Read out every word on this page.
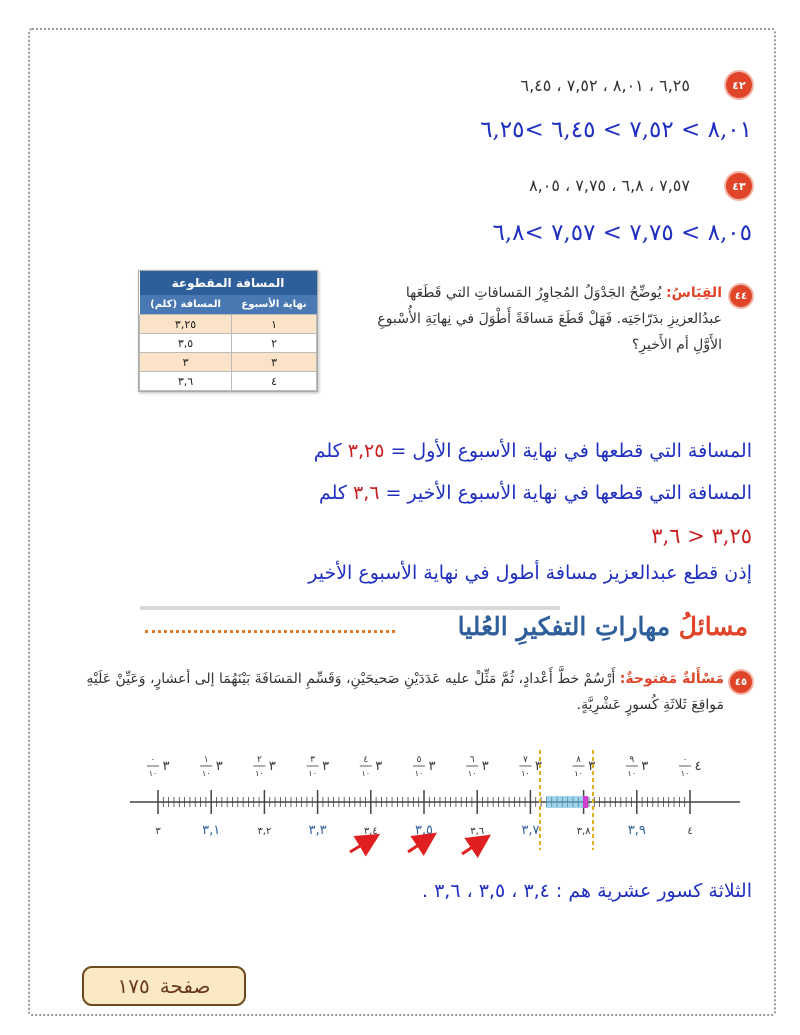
٤٢
٦,٢٥ ، ٨,٠١ ، ٧,٥٢ ، ٦,٤٥
٨,٠١ > ٧,٥٢ > ٦,٤٥ >٦,٢٥
٤٣
٧,٥٧ ، ٦,٨ ، ٧,٧٥ ، ٨,٠٥
٨,٠٥ > ٧,٧٥ > ٧,٥٧ >٦,٨
٤٤
القِيَاسُ: يُوضِّحُ الجَدْوَلُ المُجاوِرُ المَسافاتِ التي قَطَعَها عبدُالعزيزِ بدَرّاجَتِه. فَهَلْ قَطَعَ مَسافَةً أَطْوَلَ في نِهايَةِ الأُسْبوعِ الأَوَّلِ أم الأَخيرِ؟
المسافة المقطوعة	
نهاية الأسبوع	المسافة (كلم)
١	٣,٢٥
٢	٣,٥
٣	٣
٤	٣,٦
المسافة التي قطعها في نهاية الأسبوع الأول = ٣,٢٥ كلم
المسافة التي قطعها في نهاية الأسبوع الأخير = ٣,٦ كلم
٣,٢٥ < ٣,٦
إذن قطع عبدالعزيز مسافة أطول في نهاية الأسبوع الأخير
مسائلُ مهاراتِ التفكيرِ العُليا
٤٥
مَسْأَلةٌ مَفتوحةٌ: أَرْسُمْ خطَّ أَعْدادٍ، ثُمَّ مَثِّلْ عليه عَدَدَيْنِ صَحيحَيْنِ، وَقَسِّمِ المَسَافَةَ بَيْنَهُمَا إلى أعشارٍ، وَعَيِّنْ عَلَيْهِ مَواقِعَ ثَلاثَةِ كُسورٍ عَشْرِيَّةٍ.
٣
٠
١٠	٣
١
١٠	٣
٢
١٠	٣
٣
١٠	٣
٤
١٠	٣
٥
١٠	٣
٦
١٠	٣
٧
١٠	٣
٨
١٠	٣
٩
١٠	٤
٠
١٠
٣	٣,١	٣,٢	٣,٣	٣,٤	٣,٥	٣,٦	٣,٧	٣,٨	٣,٩	٤
الثلاثة كسور عشرية هم : ٣,٤ ، ٣,٥ ، ٣,٦ .
صفحة
١٧٥
